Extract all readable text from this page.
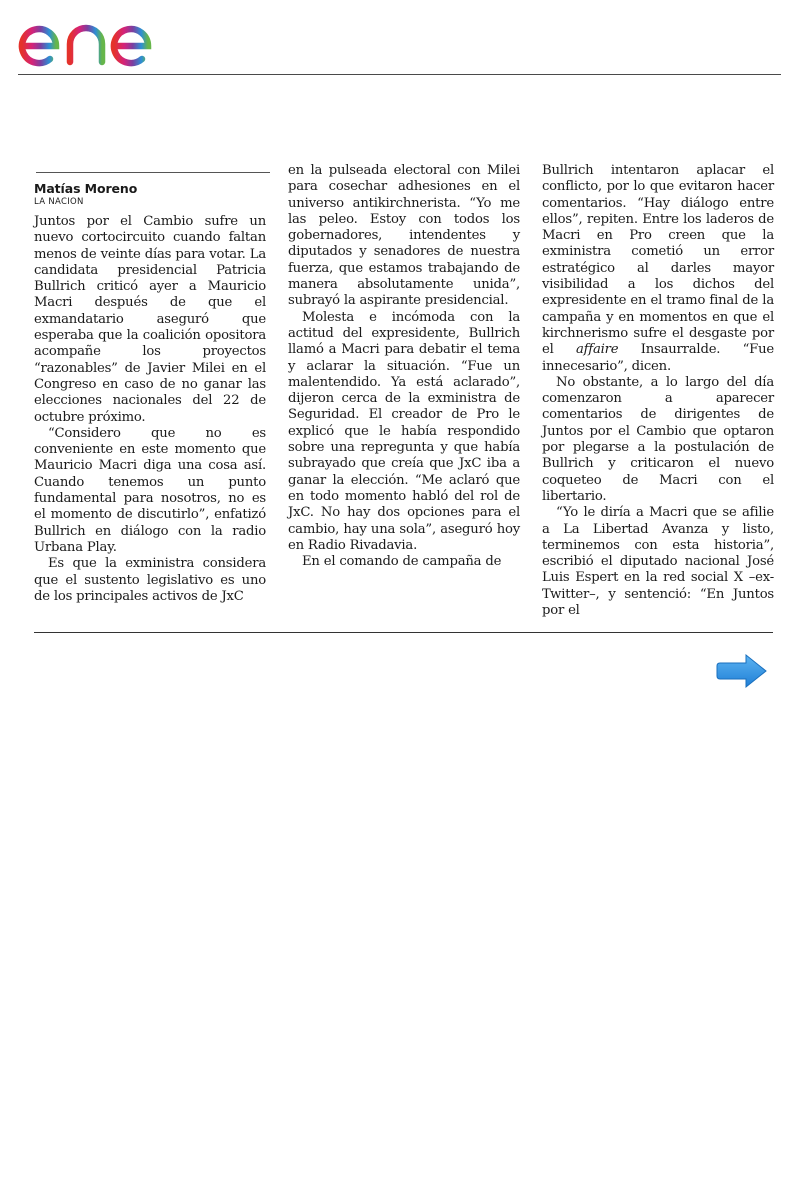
Matías Moreno
LA NACION

Juntos por el Cambio sufre un nuevo cortocircuito cuando faltan menos de veinte días para votar. La candidata presidencial Patricia Bullrich criticó ayer a Mauricio Macri después de que el exmandatario aseguró que esperaba que la coalición opositora acompañe los proyectos “razonables” de Javier Milei en el Congreso en caso de no ganar las elecciones nacionales del 22 de octubre próximo.

“Considero que no es conveniente en este momento que Mauricio Macri diga una cosa así. Cuando tenemos un punto fundamental para nosotros, no es el momento de discutirlo”, enfatizó Bullrich en diálogo con la radio Urbana Play.

Es que la exministra considera que el sustento legislativo es uno de los principales activos de JxC

en la pulseada electoral con Milei para cosechar adhesiones en el universo antikirchnerista. “Yo me las peleo. Estoy con todos los gobernadores, intendentes y diputados y senadores de nuestra fuerza, que estamos trabajando de manera absolutamente unida”, subrayó la aspirante presidencial.

Molesta e incómoda con la actitud del expresidente, Bullrich llamó a Macri para debatir el tema y aclarar la situación. “Fue un malentendido. Ya está aclarado”, dijeron cerca de la exministra de Seguridad. El creador de Pro le explicó que le había respondido sobre una repregunta y que había subrayado que creía que JxC iba a ganar la elección. “Me aclaró que en todo momento habló del rol de JxC. No hay dos opciones para el cambio, hay una sola”, aseguró hoy en Radio Rivadavia.

En el comando de campaña de

Bullrich intentaron aplacar el conflicto, por lo que evitaron hacer comentarios. “Hay diálogo entre ellos”, repiten. Entre los laderos de Macri en Pro creen que la exministra cometió un error estratégico al darles mayor visibilidad a los dichos del expresidente en el tramo final de la campaña y en momentos en que el kirchnerismo sufre el desgaste por el affaire Insaurralde. “Fue innecesario”, dicen.

No obstante, a lo largo del día comenzaron a aparecer comentarios de dirigentes de Juntos por el Cambio que optaron por plegarse a la postulación de Bullrich y criticaron el nuevo coqueteo de Macri con el libertario.

“Yo le diría a Macri que se afilie a La Libertad Avanza y listo, terminemos con esta historia”, escribió el diputado nacional José Luis Espert en la red social X –ex-Twitter–, y sentenció: “En Juntos por el
